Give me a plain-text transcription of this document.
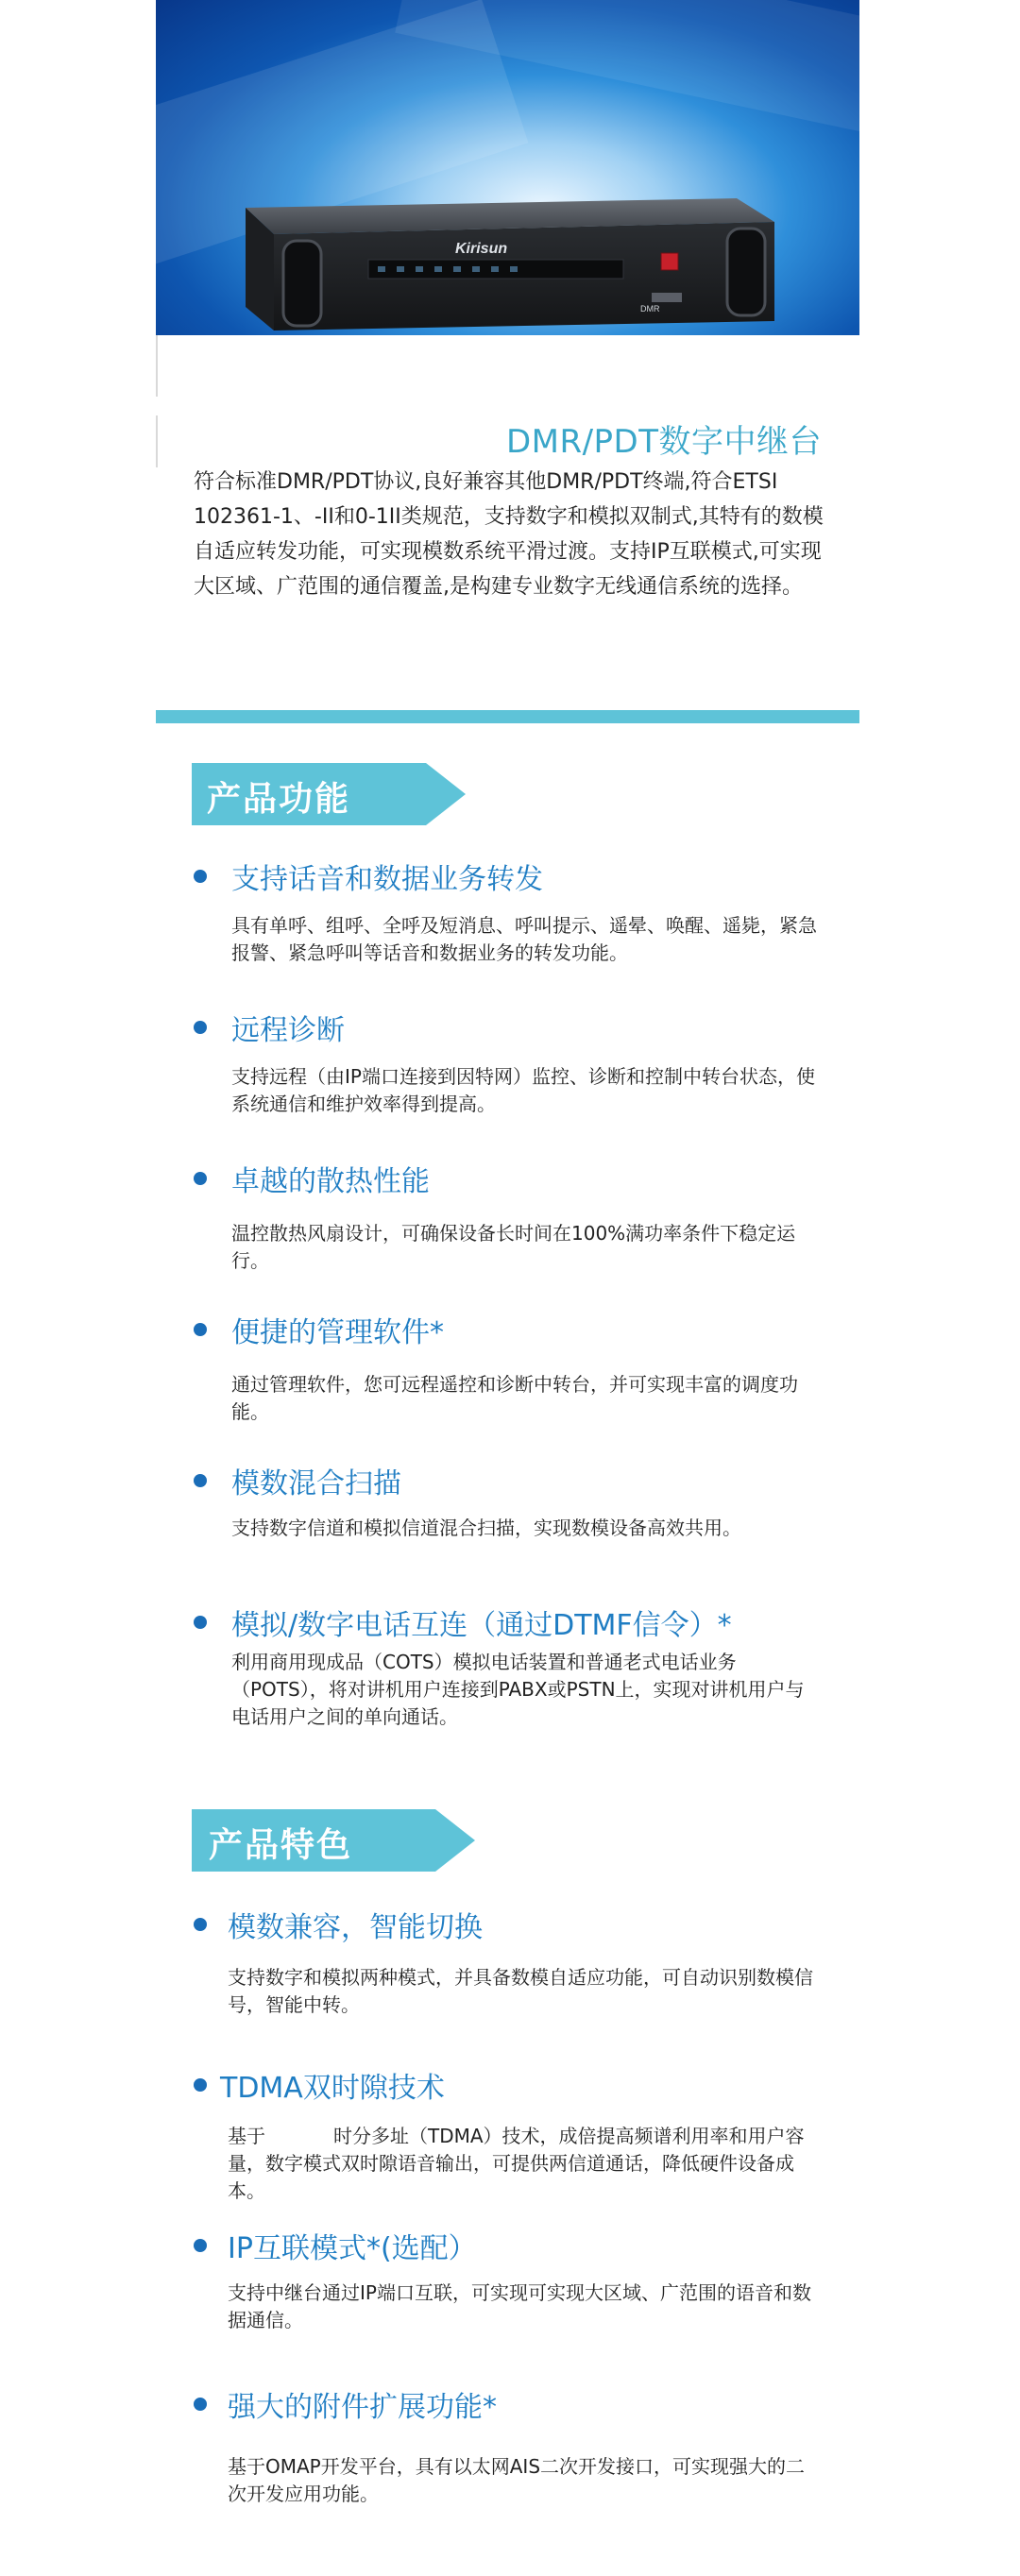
Kirisun
DMR
DMR/PDT数字中继台
符合标准DMR/PDT协议,良好兼容其他DMR/PDT终端,符合ETSI 102361-1、-II和0-1II类规范，支持数字和模拟双制式,其特有的数模自适应转发功能，可实现模数系统平滑过渡。支持IP互联模式,可实现大区域、广范围的通信覆盖,是构建专业数字无线通信系统的选择。
产品功能
支持话音和数据业务转发
具有单呼、组呼、全呼及短消息、呼叫提示、遥晕、唤醒、遥毙，紧急报警、紧急呼叫等话音和数据业务的转发功能。
远程诊断
支持远程（由IP端口连接到因特网）监控、诊断和控制中转台状态，使系统通信和维护效率得到提高。
卓越的散热性能
温控散热风扇设计，可确保设备长时间在100%满功率条件下稳定运行。
便捷的管理软件*
通过管理软件，您可远程遥控和诊断中转台，并可实现丰富的调度功能。
模数混合扫描
支持数字信道和模拟信道混合扫描，实现数模设备高效共用。
模拟/数字电话互连（通过DTMF信令）*
利用商用现成品（COTS）模拟电话装置和普通老式电话业务（POTS），将对讲机用户连接到PABX或PSTN上，实现对讲机用户与电话用户之间的单向通话。
产品特色
模数兼容，智能切换
支持数字和模拟两种模式，并具备数模自适应功能，可自动识别数模信号，智能中转。
TDMA双时隙技术
基于	时分多址（TDMA）技术，成倍提高频谱利用率和用户容量，数字模式双时隙语音输出，可提供两信道通话，降低硬件设备成本。
IP互联模式*(选配）
支持中继台通过IP端口互联，可实现可实现大区域、广范围的语音和数据通信。
强大的附件扩展功能*
基于OMAP开发平台，具有以太网AIS二次开发接口，可实现强大的二次开发应用功能。
